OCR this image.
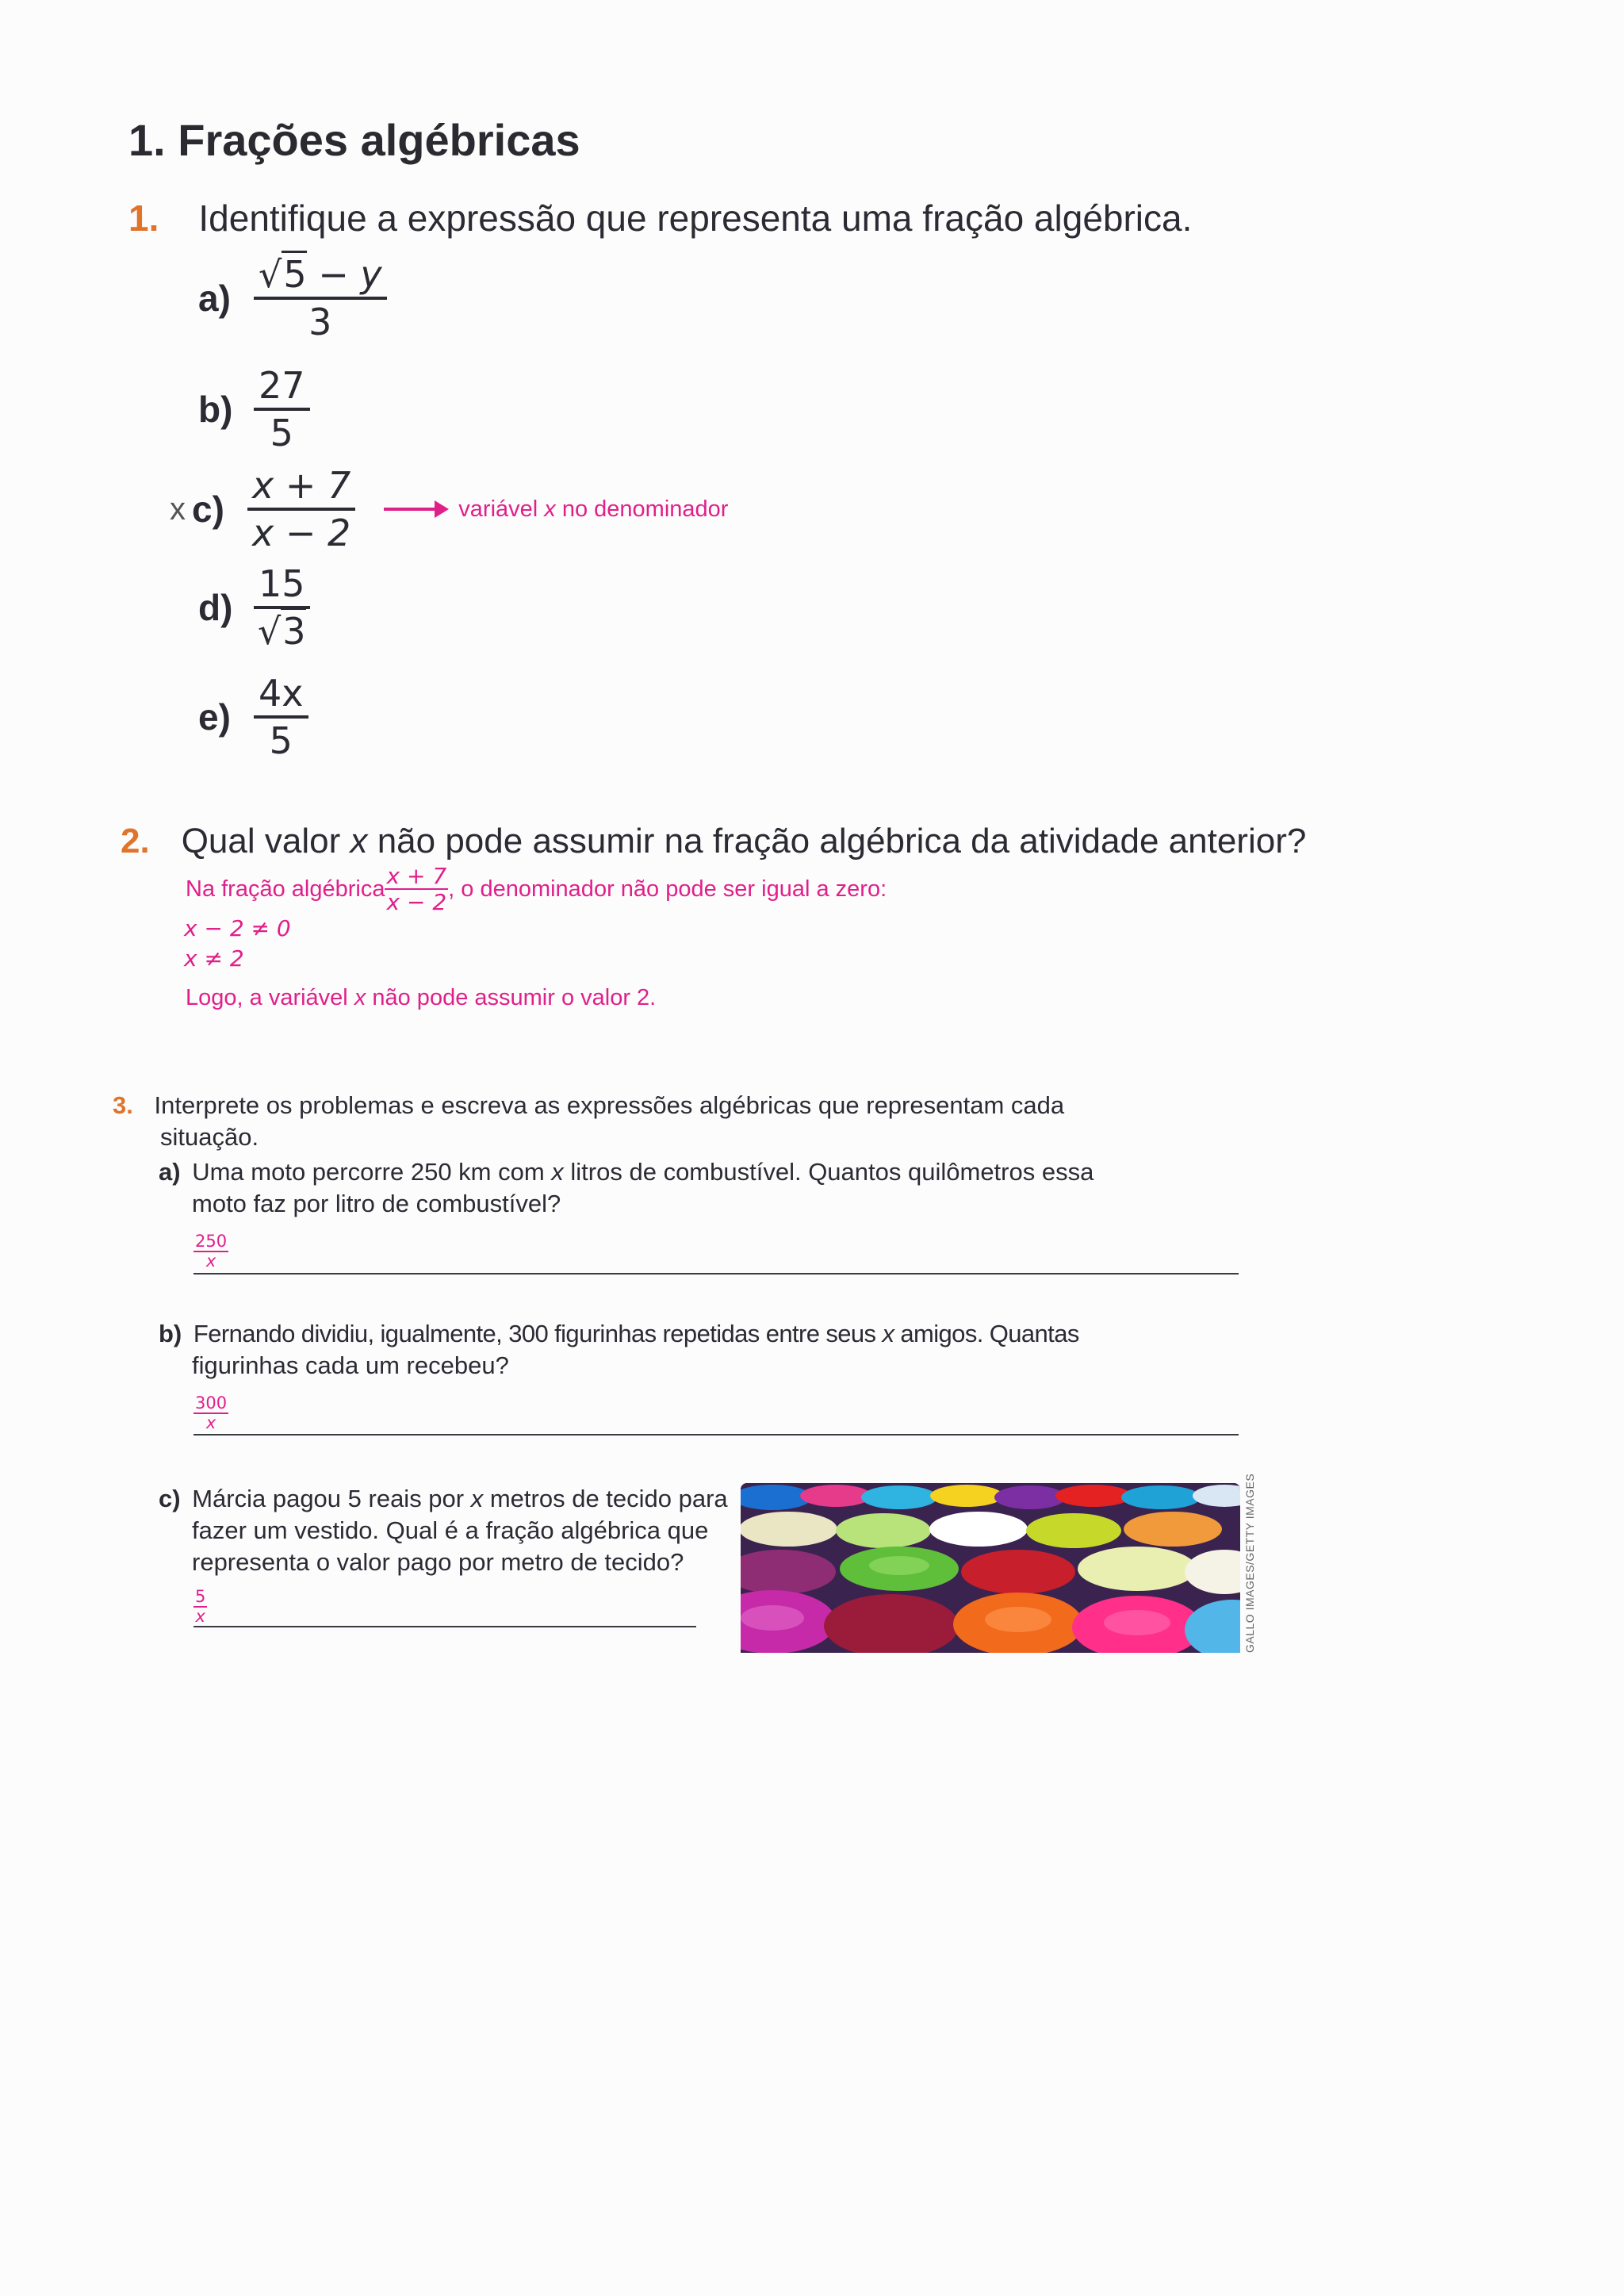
1. Frações algébricas
1. Identifique a expressão que representa uma fração algébrica.
$a) \frac{√5 - y}{3}$
$b) \frac{27}{5}$
x $c) \frac{x + 7}{x - 2}$	variável x no denominador
$d) \frac{15}{√3}$
$e) \frac{4x}{5}$
2. Qual valor x não pode assumir na fração algébrica da atividade anterior?
Na fração algébrica $\frac{x + 7}{x - 2}$ , o denominador não pode ser igual a zero:
x − 2 ≠ 0
x ≠ 2
Logo, a variável x não pode assumir o valor 2.
3. Interprete os problemas e escreva as expressões algébricas que representam cada
situação.
a) Uma moto percorre 250 km com x litros de combustível. Quantos quilômetros essa
moto faz por litro de combustível?
$\frac{250}{x}$
b) Fernando dividiu, igualmente, 300 figurinhas repetidas entre seus x amigos. Quantas
figurinhas cada um recebeu?
$\frac{300}{x}$
c) Márcia pagou 5 reais por x metros de tecido para
fazer um vestido. Qual é a fração algébrica que
representa o valor pago por metro de tecido?
$\frac{5}{x}$	GALLO IMAGES/GETTY IMAGES
